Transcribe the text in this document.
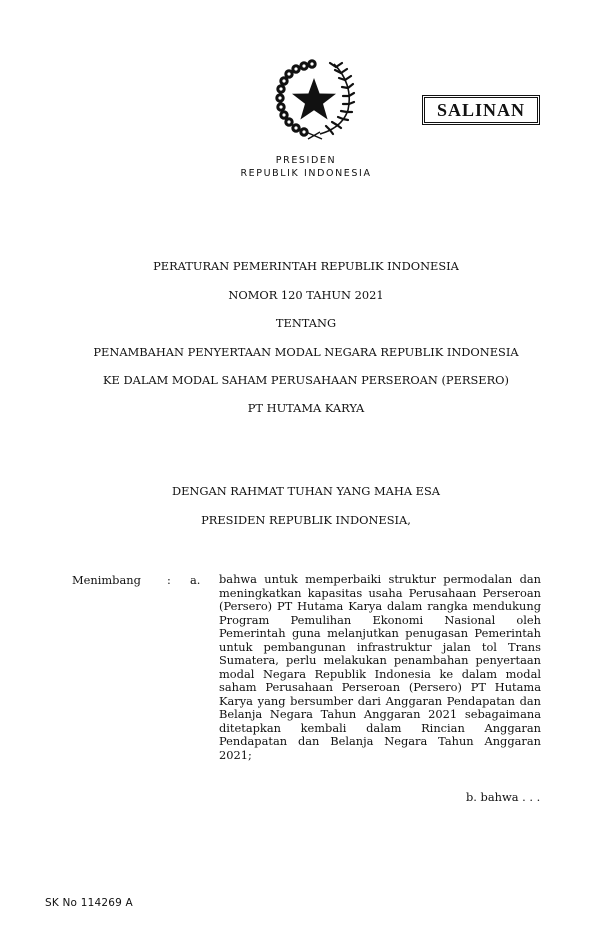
SALINAN
PRESIDEN
REPUBLIK INDONESIA
PERATURAN PEMERINTAH REPUBLIK INDONESIA
NOMOR 120 TAHUN 2021
TENTANG
PENAMBAHAN PENYERTAAN MODAL NEGARA REPUBLIK INDONESIA
KE DALAM MODAL SAHAM PERUSAHAAN PERSEROAN (PERSERO)
PT HUTAMA KARYA
DENGAN RAHMAT TUHAN YANG MAHA ESA
PRESIDEN REPUBLIK INDONESIA,
Menimbang : a. bahwa untuk memperbaiki struktur permodalan dan
meningkatkan kapasitas usaha Perusahaan Perseroan
(Persero) PT Hutama Karya dalam rangka mendukung
Program Pemulihan Ekonomi Nasional oleh
Pemerintah guna melanjutkan penugasan Pemerintah
untuk pembangunan infrastruktur jalan tol Trans
Sumatera, perlu melakukan penambahan penyertaan
modal Negara Republik Indonesia ke dalam modal
saham Perusahaan Perseroan (Persero) PT Hutama
Karya yang bersumber dari Anggaran Pendapatan dan
Belanja Negara Tahun Anggaran 2021 sebagaimana
ditetapkan kembali dalam Rincian Anggaran
Pendapatan dan Belanja Negara Tahun Anggaran
2021;
b. bahwa . . .
SK No 114269 A
